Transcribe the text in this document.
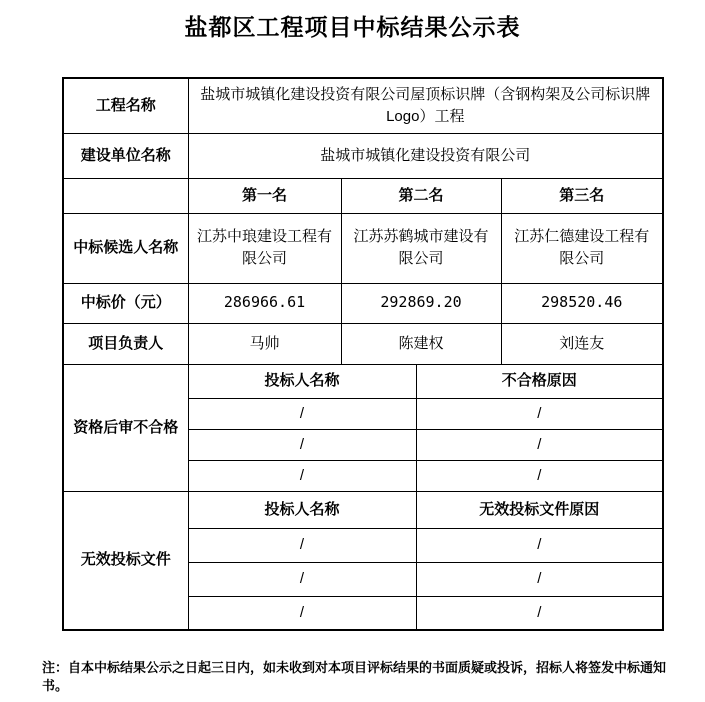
盐都区工程项目中标结果公示表
工程名称	盐城市城镇化建设投资有限公司屋顶标识牌（含钢构架及公司标识牌 Logo）工程			
建设单位名称	盐城市城镇化建设投资有限公司			
	第一名	第二名		第三名
中标候选人名称	江苏中琅建设工程有限公司	江苏苏鹤城市建设有限公司		江苏仁德建设工程有限公司
中标价（元）	286966.61	292869.20		298520.46
项目负责人	马帅	陈建权		刘连友
资格后审不合格	投标人名称		不合格原因	
	/		/	
	/		/	
	/		/	
无效投标文件	投标人名称		无效投标文件原因	
	/		/	
	/		/	
	/		/	
注：自本中标结果公示之日起三日内，如未收到对本项目评标结果的书面质疑或投诉，招标人将签发中标通知书。
